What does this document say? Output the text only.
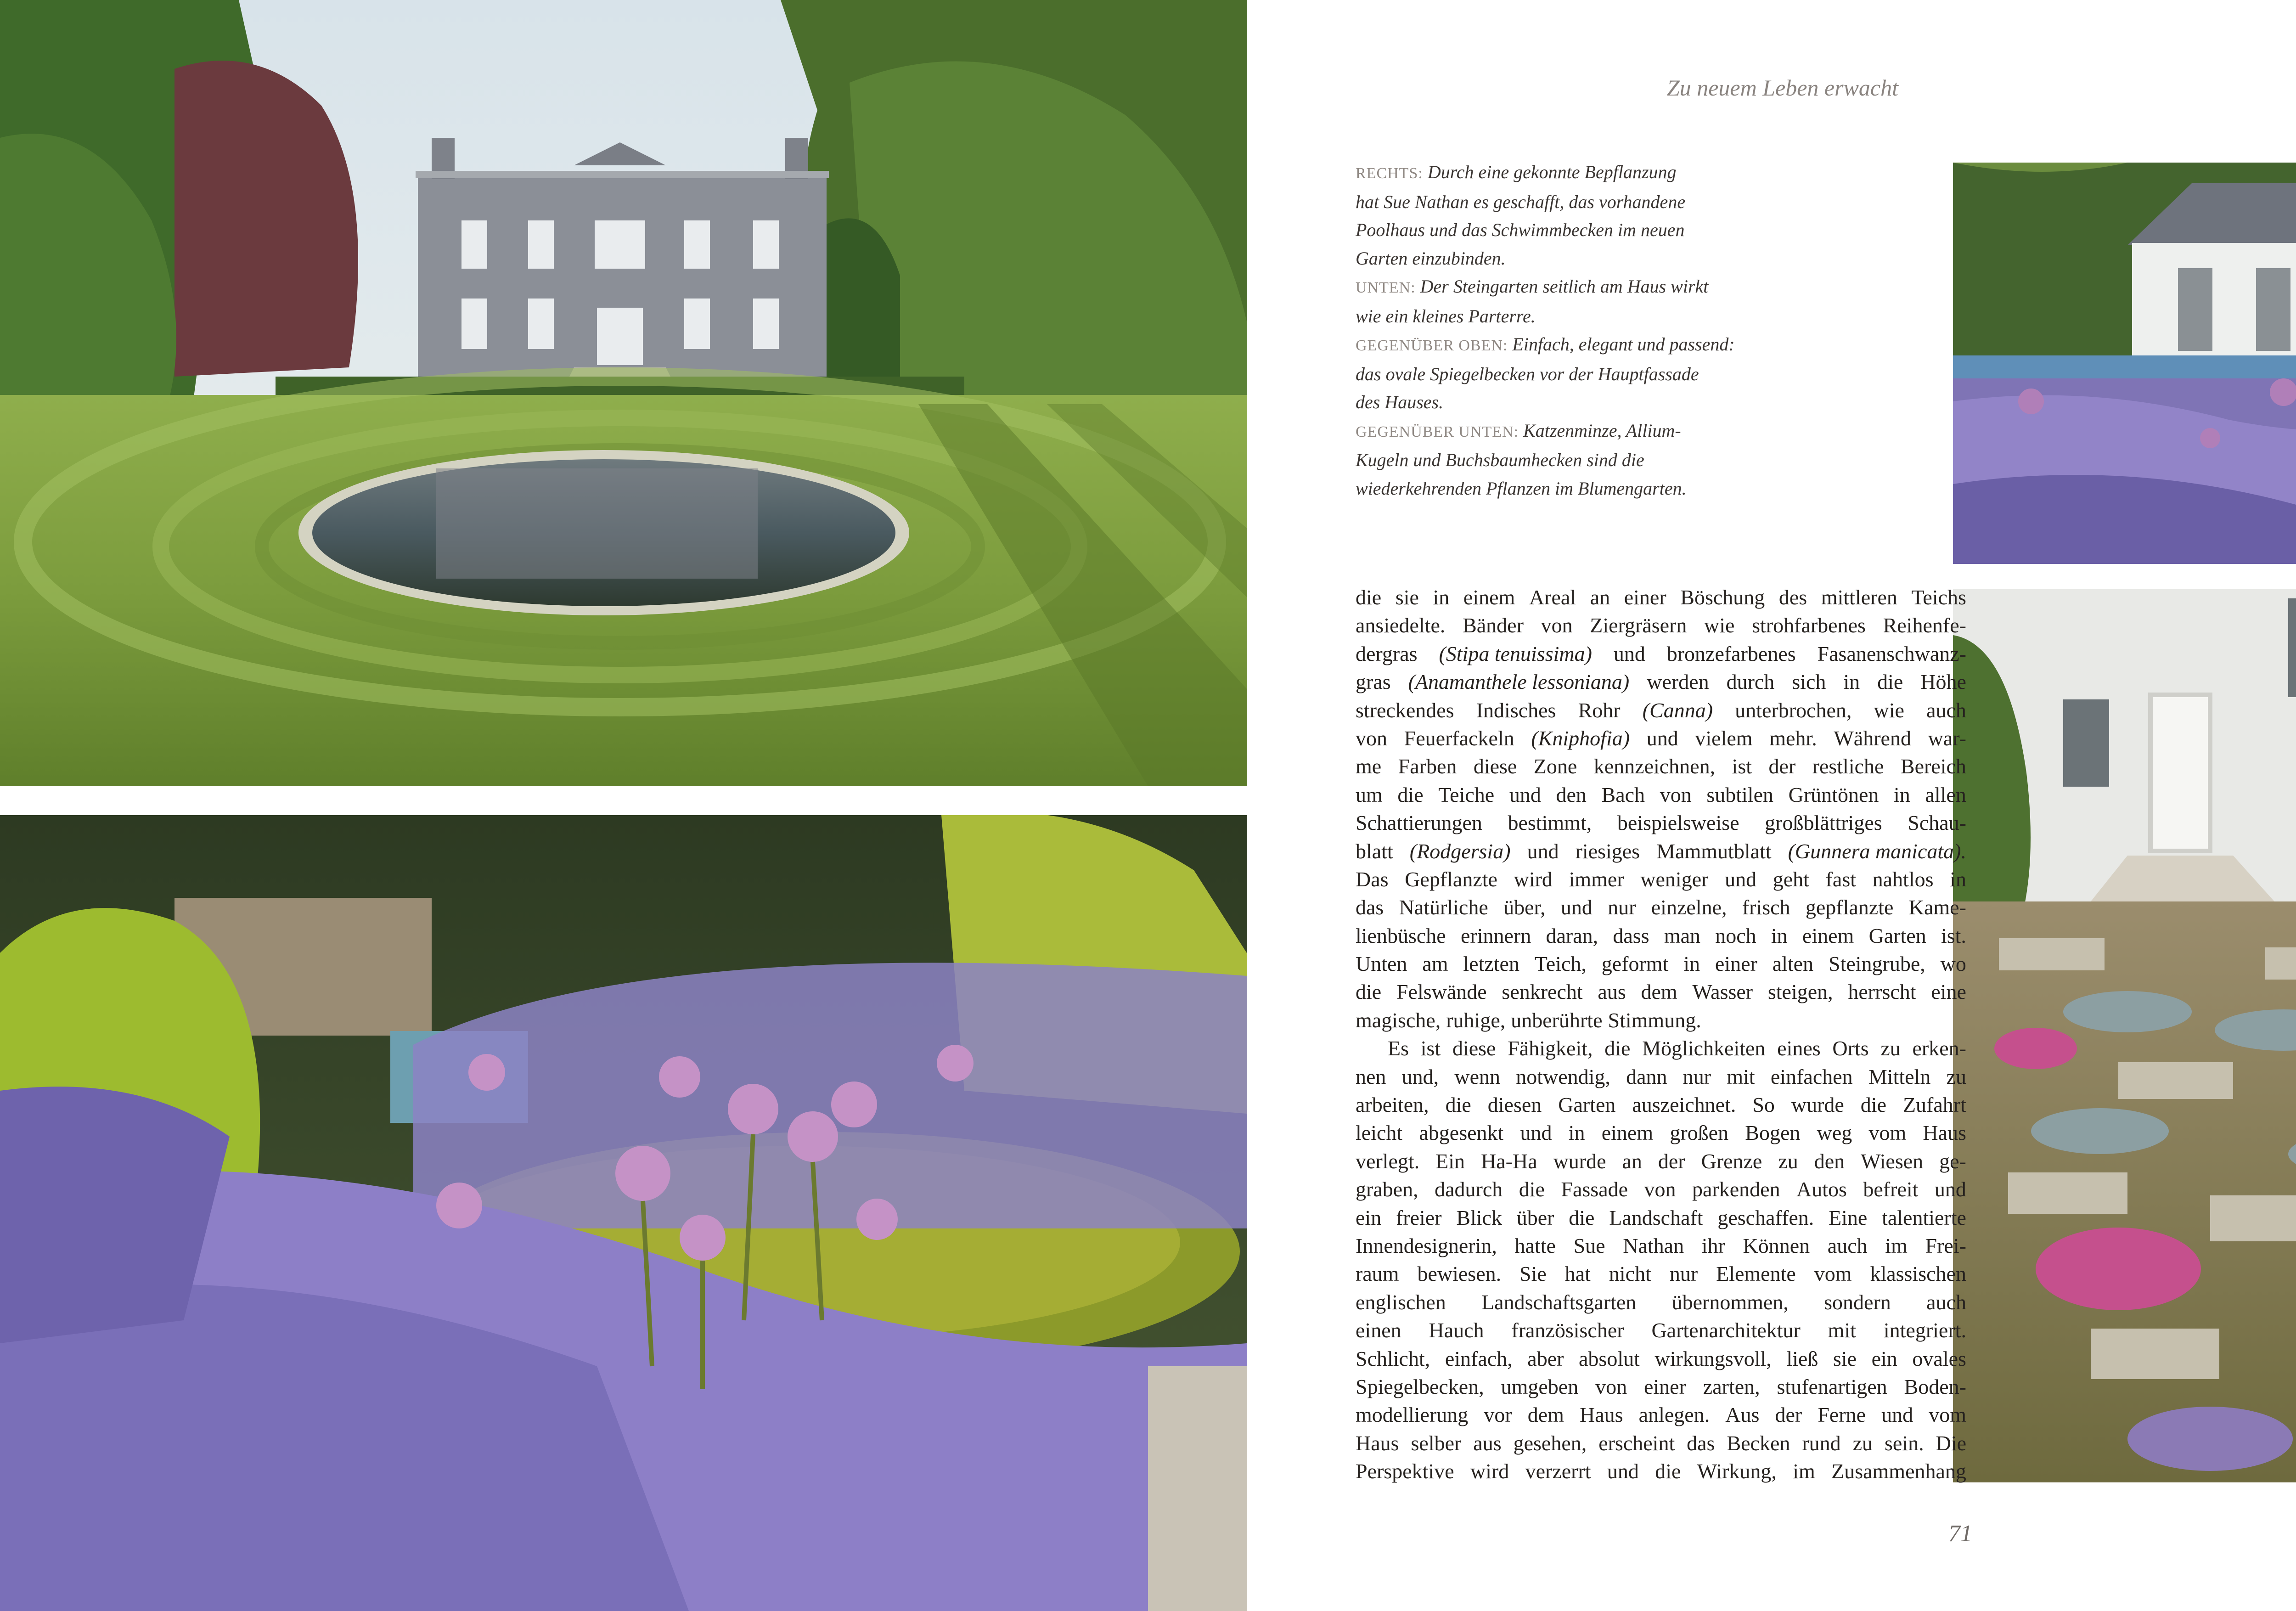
Zu neuem Leben erwacht
RECHTS: Durch eine gekonnte Bepflanzung
hat Sue Nathan es geschafft, das vorhandene
Poolhaus und das Schwimmbecken im neuen
Garten einzubinden.
UNTEN: Der Steingarten seitlich am Haus wirkt
wie ein kleines Parterre.
GEGENÜBER OBEN: Einfach, elegant und passend:
das ovale Spiegelbecken vor der Hauptfassade
des Hauses.
GEGENÜBER UNTEN: Katzenminze, Allium-
Kugeln und Buchsbaumhecken sind die
wiederkehrenden Pflanzen im Blumengarten.
die sie in einem Areal an einer Böschung des mittleren Teichs
ansiedelte. Bänder von Ziergräsern wie strohfarbenes Reihenfe-
dergras (Stipa tenuissima) und bronzefarbenes Fasanenschwanz-
gras (Anamanthele lessoniana) werden durch sich in die Höhe
streckendes Indisches Rohr (Canna) unterbrochen, wie auch
von Feuerfackeln (Kniphofia) und vielem mehr. Während war-
me Farben diese Zone kennzeichnen, ist der restliche Bereich
um die Teiche und den Bach von subtilen Grüntönen in allen
Schattierungen bestimmt, beispielsweise großblättriges Schau-
blatt (Rodgersia) und riesiges Mammutblatt (Gunnera manicata).
Das Gepflanzte wird immer weniger und geht fast nahtlos in
das Natürliche über, und nur einzelne, frisch gepflanzte Kame-
lienbüsche erinnern daran, dass man noch in einem Garten ist.
Unten am letzten Teich, geformt in einer alten Steingrube, wo
die Felswände senkrecht aus dem Wasser steigen, herrscht eine
magische, ruhige, unberührte Stimmung.
Es ist diese Fähigkeit, die Möglichkeiten eines Orts zu erken-
nen und, wenn notwendig, dann nur mit einfachen Mitteln zu
arbeiten, die diesen Garten auszeichnet. So wurde die Zufahrt
leicht abgesenkt und in einem großen Bogen weg vom Haus
verlegt. Ein Ha-Ha wurde an der Grenze zu den Wiesen ge-
graben, dadurch die Fassade von parkenden Autos befreit und
ein freier Blick über die Landschaft geschaffen. Eine talentierte
Innendesignerin, hatte Sue Nathan ihr Können auch im Frei-
raum bewiesen. Sie hat nicht nur Elemente vom klassischen
englischen Landschaftsgarten übernommen, sondern auch
einen Hauch französischer Gartenarchitektur mit integriert.
Schlicht, einfach, aber absolut wirkungsvoll, ließ sie ein ovales
Spiegelbecken, umgeben von einer zarten, stufenartigen Boden-
modellierung vor dem Haus anlegen. Aus der Ferne und vom
Haus selber aus gesehen, erscheint das Becken rund zu sein. Die
Perspektive wird verzerrt und die Wirkung, im Zusammenhang
71
